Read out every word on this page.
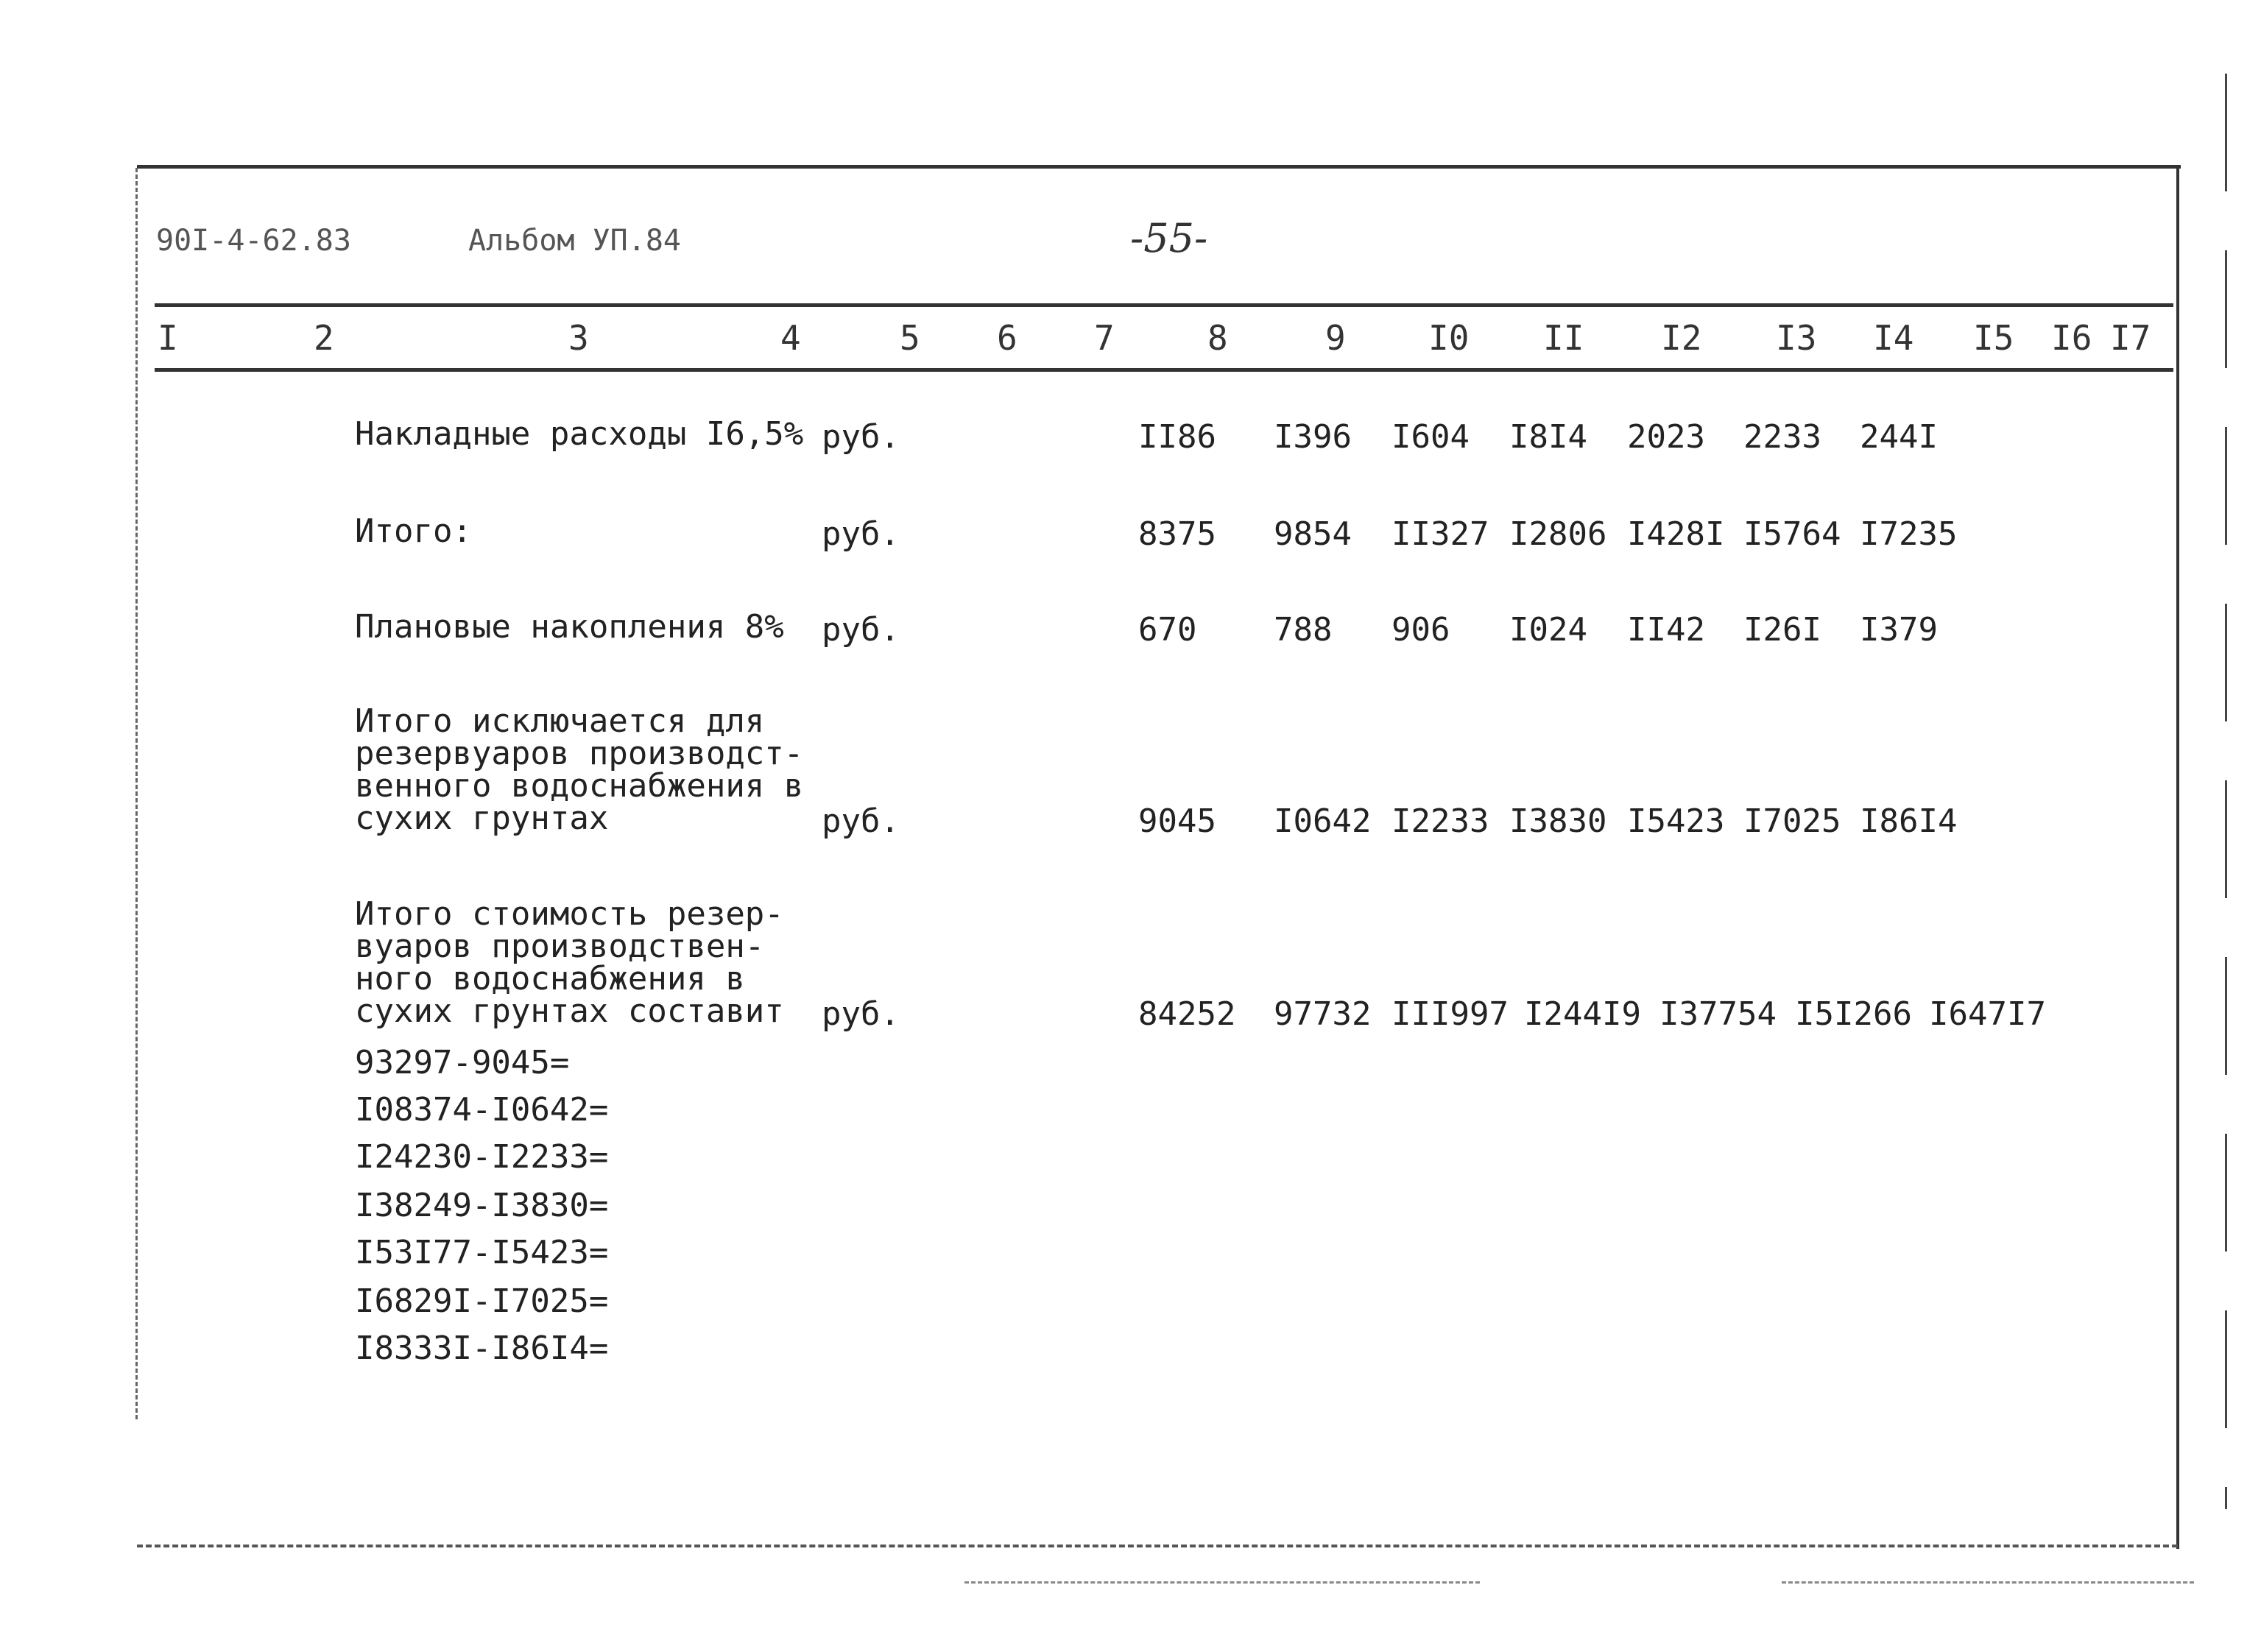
90I-4-62.83	Альбом УП.84	-55-
I	2	3	4	5 6 7	8	9 I0 II I2 I3 I4 I5 I6 I7
Накладные расходы I6,5% руб.	II86 I396 I604 I8I4 2023 2233 244I
Итого:	руб.	8375 9854 II327 I2806 I428I I5764 I7235
Плановые накопления 8% руб.	670 788 906 I024 II42 I26I I379
Итого исключается для
резервуаров производст-
венного водоснабжения в
сухих грунтах	руб.	9045 I0642 I2233 I3830 I5423 I7025 I86I4
Итого стоимость резер-
вуаров производствен-
ного водоснабжения в
сухих грунтах составит руб.	84252 97732 III997 I244I9 I37754 I5I266 I647I7
93297-9045=
I08374-I0642=
I24230-I2233=
I38249-I3830=
I53I77-I5423=
I6829I-I7025=
I8333I-I86I4=
